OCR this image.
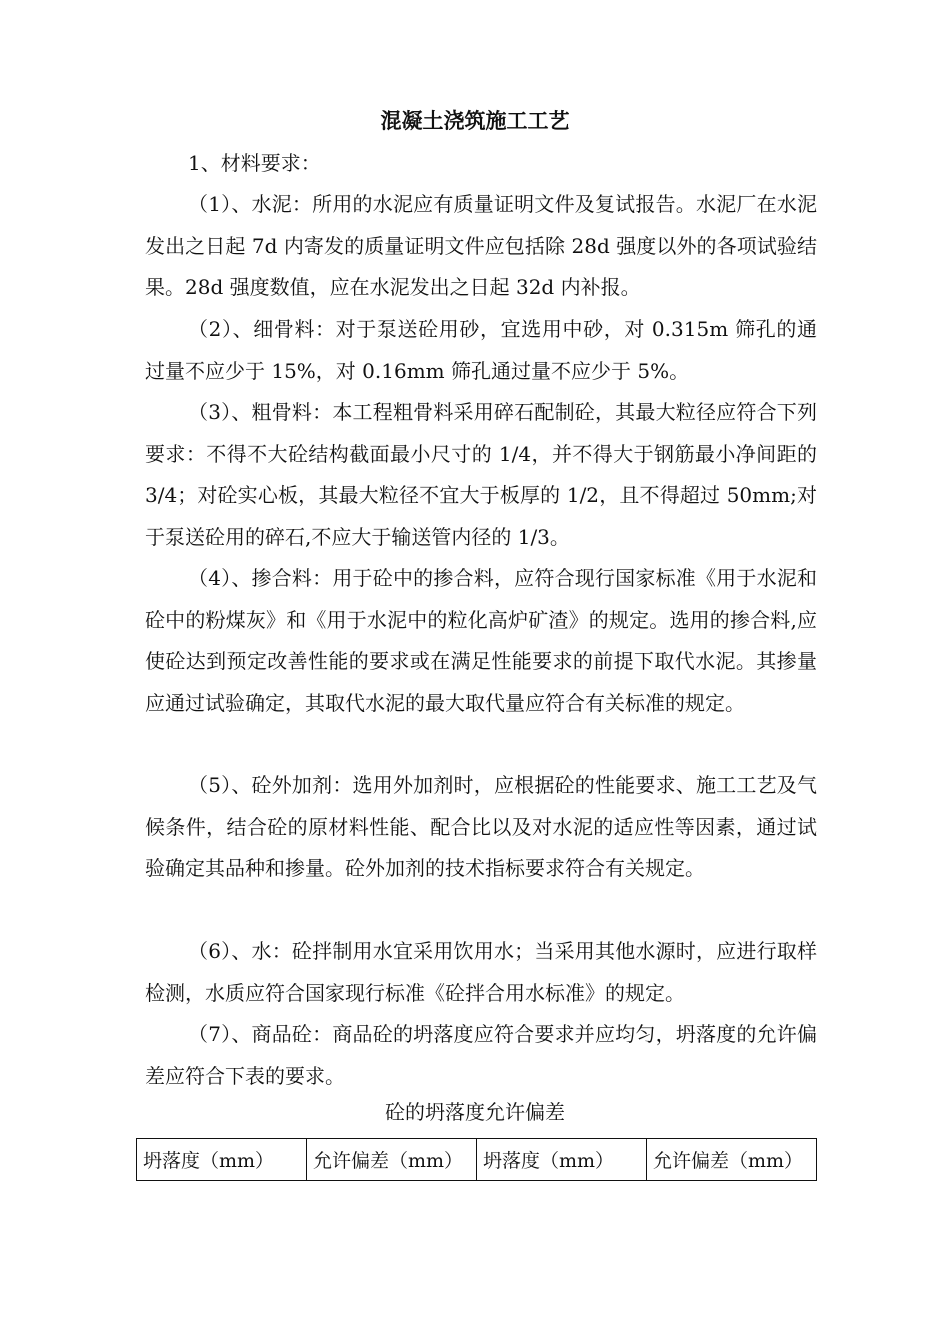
混凝土浇筑施工工艺

1、材料要求：

（1）、水泥：所用的水泥应有质量证明文件及复试报告。水泥厂在水泥发出之日起 7d 内寄发的质量证明文件应包括除 28d 强度以外的各项试验结果。28d 强度数值，应在水泥发出之日起 32d 内补报。

（2）、细骨料：对于泵送砼用砂，宜选用中砂，对 0.315m 筛孔的通过量不应少于 15%，对 0.16mm 筛孔通过量不应少于 5%。

（3）、粗骨料：本工程粗骨料采用碎石配制砼，其最大粒径应符合下列要求：不得不大砼结构截面最小尺寸的 1/4，并不得大于钢筋最小净间距的 3/4；对砼实心板，其最大粒径不宜大于板厚的 1/2，且不得超过 50mm;对于泵送砼用的碎石,不应大于输送管内径的 1/3。

（4）、掺合料：用于砼中的掺合料，应符合现行国家标准《用于水泥和砼中的粉煤灰》和《用于水泥中的粒化高炉矿渣》的规定。选用的掺合料,应使砼达到预定改善性能的要求或在满足性能要求的前提下取代水泥。其掺量应通过试验确定，其取代水泥的最大取代量应符合有关标准的规定。

（5）、砼外加剂：选用外加剂时，应根据砼的性能要求、施工工艺及气候条件，结合砼的原材料性能、配合比以及对水泥的适应性等因素，通过试验确定其品种和掺量。砼外加剂的技术指标要求符合有关规定。

（6）、水：砼拌制用水宜采用饮用水；当采用其他水源时，应进行取样检测，水质应符合国家现行标准《砼拌合用水标准》的规定。

（7）、商品砼：商品砼的坍落度应符合要求并应均匀，坍落度的允许偏差应符合下表的要求。

砼的坍落度允许偏差

坍落度（mm）	允许偏差（mm）	坍落度（mm）	允许偏差（mm）
